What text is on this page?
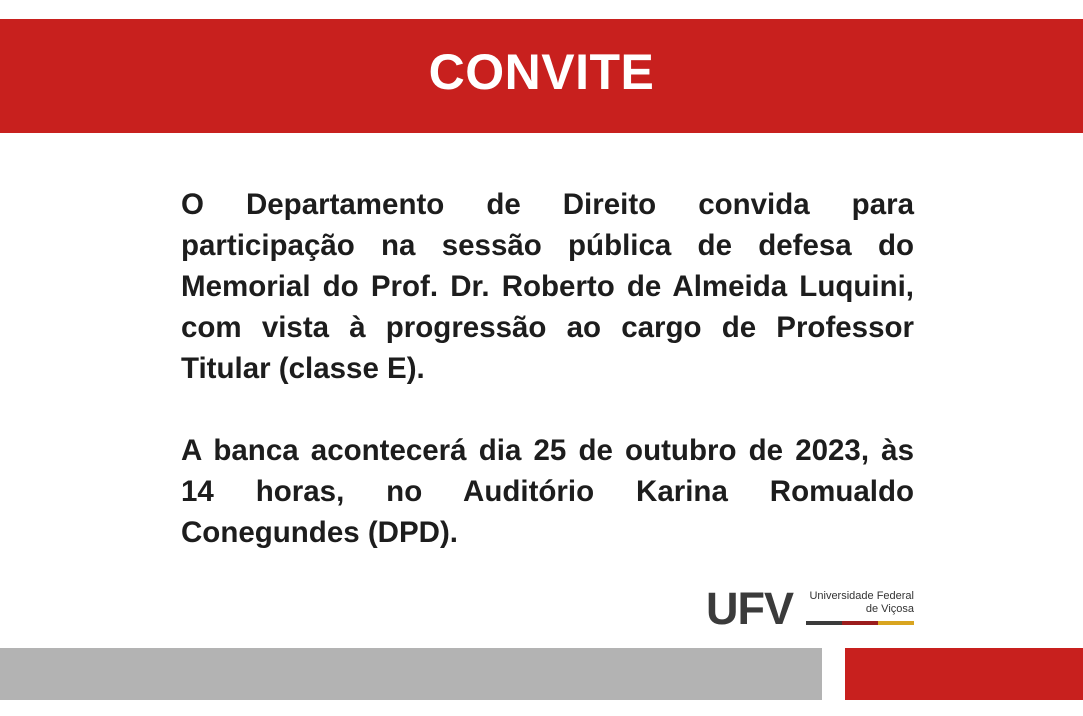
CONVITE

O Departamento de Direito convida para participação na sessão pública de defesa do Memorial do Prof. Dr. Roberto de Almeida Luquini, com vista à progressão ao cargo de Professor Titular (classe E).

A banca acontecerá dia 25 de outubro de 2023, às 14 horas, no Auditório Karina Romualdo Conegundes (DPD).

UFV	Universidade Federal
de Viçosa
